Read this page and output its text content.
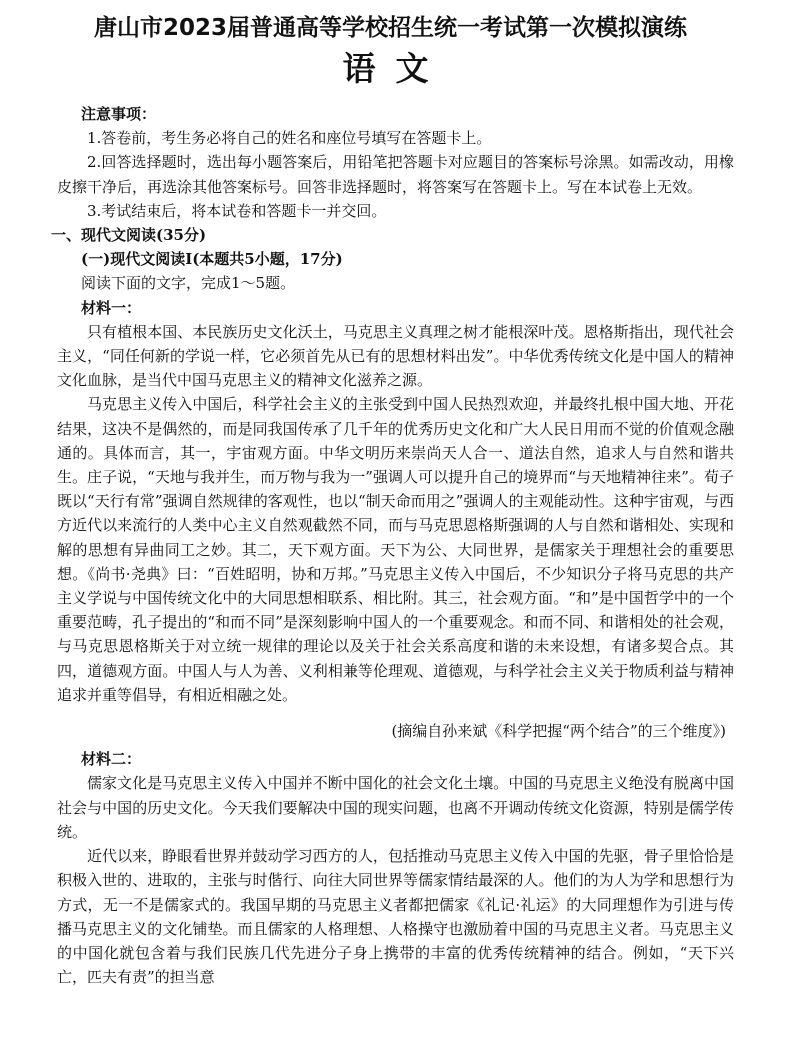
唐山市2023届普通高等学校招生统一考试第一次模拟演练
语文

注意事项：

1.答卷前，考生务必将自己的姓名和座位号填写在答题卡上。

2.回答选择题时，选出每小题答案后，用铅笔把答题卡对应题目的答案标号涂黑。如需改动，用橡皮擦干净后，再选涂其他答案标号。回答非选择题时，将答案写在答题卡上。写在本试卷上无效。

3.考试结束后，将本试卷和答题卡一并交回。

一、现代文阅读(35分)

(一)现代文阅读Ⅰ(本题共5小题，17分)

阅读下面的文字，完成1～5题。

材料一：

只有植根本国、本民族历史文化沃土，马克思主义真理之树才能根深叶茂。恩格斯指出，现代社会主义，“同任何新的学说一样，它必须首先从已有的思想材料出发”。中华优秀传统文化是中国人的精神文化血脉，是当代中国马克思主义的精神文化滋养之源。

马克思主义传入中国后，科学社会主义的主张受到中国人民热烈欢迎，并最终扎根中国大地、开花结果，这决不是偶然的，而是同我国传承了几千年的优秀历史文化和广大人民日用而不觉的价值观念融通的。具体而言，其一，宇宙观方面。中华文明历来崇尚天人合一、道法自然，追求人与自然和谐共生。庄子说，“天地与我并生，而万物与我为一”强调人可以提升自己的境界而“与天地精神往来”。荀子既以“天行有常”强调自然规律的客观性，也以“制天命而用之”强调人的主观能动性。这种宇宙观，与西方近代以来流行的人类中心主义自然观截然不同，而与马克思恩格斯强调的人与自然和谐相处、实现和解的思想有异曲同工之妙。其二，天下观方面。天下为公、大同世界，是儒家关于理想社会的重要思想。《尚书·尧典》曰：“百姓昭明，协和万邦。”马克思主义传入中国后，不少知识分子将马克思的共产主义学说与中国传统文化中的大同思想相联系、相比附。其三，社会观方面。“和”是中国哲学中的一个重要范畴，孔子提出的“和而不同”是深刻影响中国人的一个重要观念。和而不同、和谐相处的社会观，与马克思恩格斯关于对立统一规律的理论以及关于社会关系高度和谐的未来设想，有诸多契合点。其四，道德观方面。中国人与人为善、义利相兼等伦理观、道德观，与科学社会主义关于物质利益与精神追求并重等倡导，有相近相融之处。

(摘编自孙来斌《科学把握“两个结合”的三个维度》)

材料二：

儒家文化是马克思主义传入中国并不断中国化的社会文化土壤。中国的马克思主义绝没有脱离中国社会与中国的历史文化。今天我们要解决中国的现实问题，也离不开调动传统文化资源，特别是儒学传统。

近代以来，睁眼看世界并鼓动学习西方的人，包括推动马克思主义传入中国的先驱，骨子里恰恰是积极入世的、进取的，主张与时偕行、向往大同世界等儒家情结最深的人。他们的为人为学和思想行为方式，无一不是儒家式的。我国早期的马克思主义者都把儒家《礼记·礼运》的大同理想作为引进与传播马克思主义的文化铺垫。而且儒家的人格理想、人格操守也激励着中国的马克思主义者。马克思主义的中国化就包含着与我们民族几代先进分子身上携带的丰富的优秀传统精神的结合。例如，“天下兴亡，匹夫有责”的担当意
